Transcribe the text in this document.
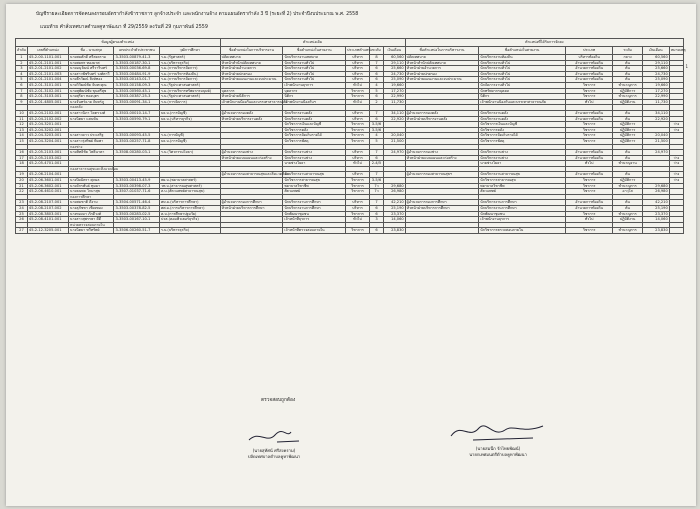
บัญชีรายละเอียดการจัดคนลงกรอบอัตรากำลังข้าราชการ ลูกจ้างประจำ และพนักงานจ้าง ตามแผนอัตรากำลัง 3 ปี (ระยะที่ 2) ประจำปีงบประมาณ พ.ศ. 2558
แนบท้าย คำสั่งเทศบาลตำบลคูหาพัฒนา ที่ 29/2559 ลงวันที่ 29 กุมภาพันธ์ 2559
1
ข้อมูลผู้ครองตำแหน่ง					ตำแหน่งเดิม					ตำแหน่งที่ได้รับการจัดลง					
ลำดับ	เลขที่ตำแหน่ง	ชื่อ - นามสกุล	เลขประจำตัวประชาชน	วุฒิการศึกษา	ชื่อตำแหน่งในการบริหารงาน	ชื่อตำแหน่งในสายงาน	ประเภทตำแหน่ง	ระดับ	เงินเดือน	ชื่อตำแหน่งในการบริหารงาน	ชื่อตำแหน่งในสายงาน	ประเภท	ระดับ	เงินเดือน	หมายเหตุ
1	45-2-00-1101-001	นายสมศักดิ์ ศรีสงคราม	3-3503-00879-41-3	ร.ม.(รัฐศาสตร์)	ปลัดเทศบาล	นักบริหารงานเทศบาล	บริหาร	8	60,560	ปลัดเทศบาล	นักบริหารงานท้องถิ่น	บริหารท้องถิ่น	กลาง	60,560	
2	45-2-01-2101-001	นายสมพร ทองมาศ	3-3503-00187-30-1	ร.บ.(บริหารธุรกิจ)	หัวหน้าสำนักปลัดเทศบาล	นักบริหารงานทั่วไป	บริหาร	7	29,110	หัวหน้าสำนักปลัดเทศบาล	นักบริหารงานทั่วไป	อำนวยการท้องถิ่น	ต้น	29,110	
3	45-2-01-2101-002	นายอนุวัฒน์ ศรีวารินทร์	3-3503-00036-69-8	ร.ม.(การบริหารจัดการ)	หัวหน้าฝ่ายอำนวยการ	นักบริหารงานทั่วไป	บริหาร	6	25,660	หัวหน้าฝ่ายอำนวยการ	นักบริหารงานทั่วไป	อำนวยการท้องถิ่น	ต้น	25,660	
4	45-2-01-2101-003	นางสาวพัชรินทร์ วงศ์ตาวี	3-3503-00484-91-9	ร.ม.(การบริหารท้องถิ่น)	หัวหน้าฝ่ายปกครอง	นักบริหารงานทั่วไป	บริหาร	6	24,730	หัวหน้าฝ่ายปกครอง	นักบริหารงานทั่วไป	อำนวยการท้องถิ่น	ต้น	24,730	
5	45-2-01-2101-004	นายธีรวัฒน์ สิงห์ทอง	3-3503-00143-01-7	ร.ม.(การบริหารจัดการ)	หัวหน้าฝ่ายแผนงานและงบประมาณ	นักบริหารงานทั่วไป	บริหาร	6	25,090	หัวหน้าฝ่ายแผนงานและงบประมาณ	นักบริหารงานทั่วไป	อำนวยการท้องถิ่น	ต้น	25,090	
6	45-2-01-3101-001	นายวิวัฒน์ชัย จันทะคุณ	3-3503-00158-09-3	ร.บ.(รัฐประศาสนศาสตร์)		เจ้าพนักงานธุรการ	ทั่วไป	4	19,660		นักจัดการงานทั่วไป	วิชาการ	ชำนาญการ	19,660	
7	45-2-01-3102-001	นายสุพัฒน์ชัย ขุนศรีสุข	3-3503-00560-45-1	ร.ม.(การบริหารทรัพยากรมนุษย์)	บุคลากร	บุคลากร	วิชาการ	5	17,270		นักทรัพยากรบุคคล	วิชาการ	ปฏิบัติการ	17,270	
8	45-2-01-3103-001	นายสุริยา ทองบุตร	3-3503-00387-25-3	ร.บ.(รัฐประศาสนศาสตร์)	หัวหน้าฝ่ายนิติการ	นิติกร	วิชาการ	6	22,990		นิติกร	วิชาการ	ชำนาญการ	22,990	
9	45-2-01-4805-001	นางจันทร์ฉาย จันทร์ภู	3-3503-00091-34-1	ร.บ.(การจัดการ)	เจ้าพนักงานป้องกันและบรรเทาสาธารณภัย	เจ้าพนักงานป้องกันฯ	ทั่วไป	2	11,730		เจ้าพนักงานป้องกันและบรรเทาสาธารณภัย	ทั่วไป	ปฏิบัติงาน	11,730	
		กองคลัง													
10	45-2-04-2102-001	นางสาวนิภา โคตรวงศ์	3-3503-00010-14-7	บธ.บ.(การบัญชี)	ผู้อำนวยการกองคลัง	นักบริหารงานคลัง	บริหาร	7	34,110	ผู้อำนวยการกองคลัง	นักบริหารงานคลัง	อำนวยการท้องถิ่น	ต้น	34,110	
11	45-2-04-2102-002	นางนิตยา แสนขัน	3-3503-00590-79-1	บธ.บ.(บริหารธุรกิจ)	หัวหน้าฝ่ายบริหารงานคลัง	นักบริหารงานคลัง	บริหาร	6	22,920	หัวหน้าฝ่ายบริหารงานคลัง	นักบริหารงานคลัง	อำนวยการท้องถิ่น	ต้น	22,920	
12	45-2-04-3201-001					นักวิชาการเงินและบัญชี	วิชาการ	3-5/6			นักวิชาการเงินและบัญชี	วิชาการ	ปฏิบัติการ		ว่าง
13	45-2-04-3202-001					นักวิชาการคลัง	วิชาการ	3-5/6			นักวิชาการคลัง	วิชาการ	ปฏิบัติการ		ว่าง
14	45-2-04-3203-001	นางสาวดาว ประเสริฐ	3-3503-00093-45-5	ร.บ.(การบัญชี)		นักวิชาการจัดเก็บรายได้	วิชาการ	4	20,040		นักวิชาการจัดเก็บรายได้	วิชาการ	ปฏิบัติการ	20,040	
15	45-2-04-3204-001	นางสาวรุ่งทิพย์ พิมพา	3-3503-00257-71-8	บธ.บ.(การบัญชี)		นักวิชาการพัสดุ	วิชาการ	5	21,500		นักวิชาการพัสดุ	วิชาการ	ปฏิบัติการ	21,500	
		กองช่าง													
16	45-2-05-2103-001	นายสิทธิชัย โพธิ์นาคา	3-3508-00280-03-1	ร.บ.(วิศวกรรมโยธา)	ผู้อำนวยการกองช่าง	นักบริหารงานช่าง	บริหาร	7	24,970	ผู้อำนวยการกองช่าง	นักบริหารงานช่าง	อำนวยการท้องถิ่น	ต้น	24,970	
17	45-2-05-2103-002				หัวหน้าฝ่ายแบบแผนและก่อสร้าง	นักบริหารงานช่าง	บริหาร	6		หัวหน้าฝ่ายแบบแผนและก่อสร้าง	นักบริหารงานช่าง	อำนวยการท้องถิ่น	ต้น		ว่าง
18	45-2-05-4701-001					นายช่างโยธา	ทั่วไป	2-4/5			นายช่างโยธา	ทั่วไป	ชำนาญงาน		ว่าง
		กองสาธารณสุขและสิ่งแวดล้อม													
19	45-2-06-2104-001				ผู้อำนวยการกองสาธารณสุขและสิ่งแวดล้อม	นักบริหารงานสาธารณสุข	บริหาร	7		ผู้อำนวยการกองสาธารณสุขฯ	นักบริหารงานสาธารณสุข	อำนวยการท้องถิ่น	ต้น		ว่าง
20	45-2-06-3601-001	นางปิยฉัตรา ศุภผล	3-3503-00413-45-9	พย.บ.(พยาบาลศาสตร์)		นักวิชาการสาธารณสุข	วิชาการ	3-5/6			นักวิชาการสาธารณสุข	วิชาการ	ปฏิบัติการ		ว่าง
21	45-2-06-3602-001	นายจักรพันธ์ ทุมมา	3-3503-00398-07-3	วท.บ.(สาธารณสุขศาสตร์)		พยาบาลวิชาชีพ	วิชาการ	7ว	29,680		พยาบาลวิชาชีพ	วิชาการ	ชำนาญการ	29,680	
22	45-2-06-4610-001	นายธนพล โกมาสุข	3-3507-01037-71-6	ส.บ.(สัตวแพทย์สาธารณสุข)		สัตวแพทย์	วิชาการ	7ว	26,980		สัตวแพทย์	วิชาการ	อาวุโส	26,980	
		กองการศึกษา													
23	45-2-08-2107-001	นายสมชาติ ดีงาม	3-3504-00571-46-4	ศษ.ม.(บริหารการศึกษา)	ผู้อำนวยการกองการศึกษา	นักบริหารงานการศึกษา	บริหาร	7	42,210	ผู้อำนวยการกองการศึกษา	นักบริหารงานการศึกษา	อำนวยการท้องถิ่น	ต้น	42,210	
24	45-2-08-2107-002	นางสุภัชชา เชียงทอง	3-3503-00378-82-5	ศศ.ม.(การบริหารการศึกษา)	หัวหน้าฝ่ายบริหารการศึกษา	นักบริหารงานการศึกษา	บริหาร	6	25,190	หัวหน้าฝ่ายบริหารการศึกษา	นักบริหารงานการศึกษา	อำนวยการท้องถิ่น	ต้น	25,190	
25	45-2-08-3803-001	นางทองมา ภักดีวงศ์	3-3503-00283-02-5	ค.บ.(การศึกษาปฐมวัย)		นักพัฒนาชุมชน	วิชาการ	6	23,370		นักพัฒนาชุมชน	วิชาการ	ชำนาญการ	23,370	
26	45-2-08-4101-001	นางสาวสุพรรษา ดีดี	3-3503-00167-10-1	ปวส.(คอมพิวเตอร์ธุรกิจ)		เจ้าหน้าที่ธุรการ	ทั่วไป	3	14,060		เจ้าพนักงานธุรการ	ทั่วไป	ปฏิบัติงาน	14,060	
		หน่วยตรวจสอบภายใน													
27	45-2-12-3205-001	นางนิตยา ทวีทรัพย์	3-3506-00260-51-7	ร.บ.(บริหารธุรกิจ)		เจ้าหน้าที่ตรวจสอบภายใน	วิชาการ	6	23,830		นักวิชาการตรวจสอบภายใน	วิชาการ	ชำนาญการ	23,830	
ตรวจสอบถูกต้อง
(นายสุทัศน์ ศรีสงคราม)
ปลัดเทศบาลตำบลคูหาพัฒนา
(นายสมนึก รักไทยพัฒน์)
นายกเทศมนตรีตำบลคูหาพัฒนา
